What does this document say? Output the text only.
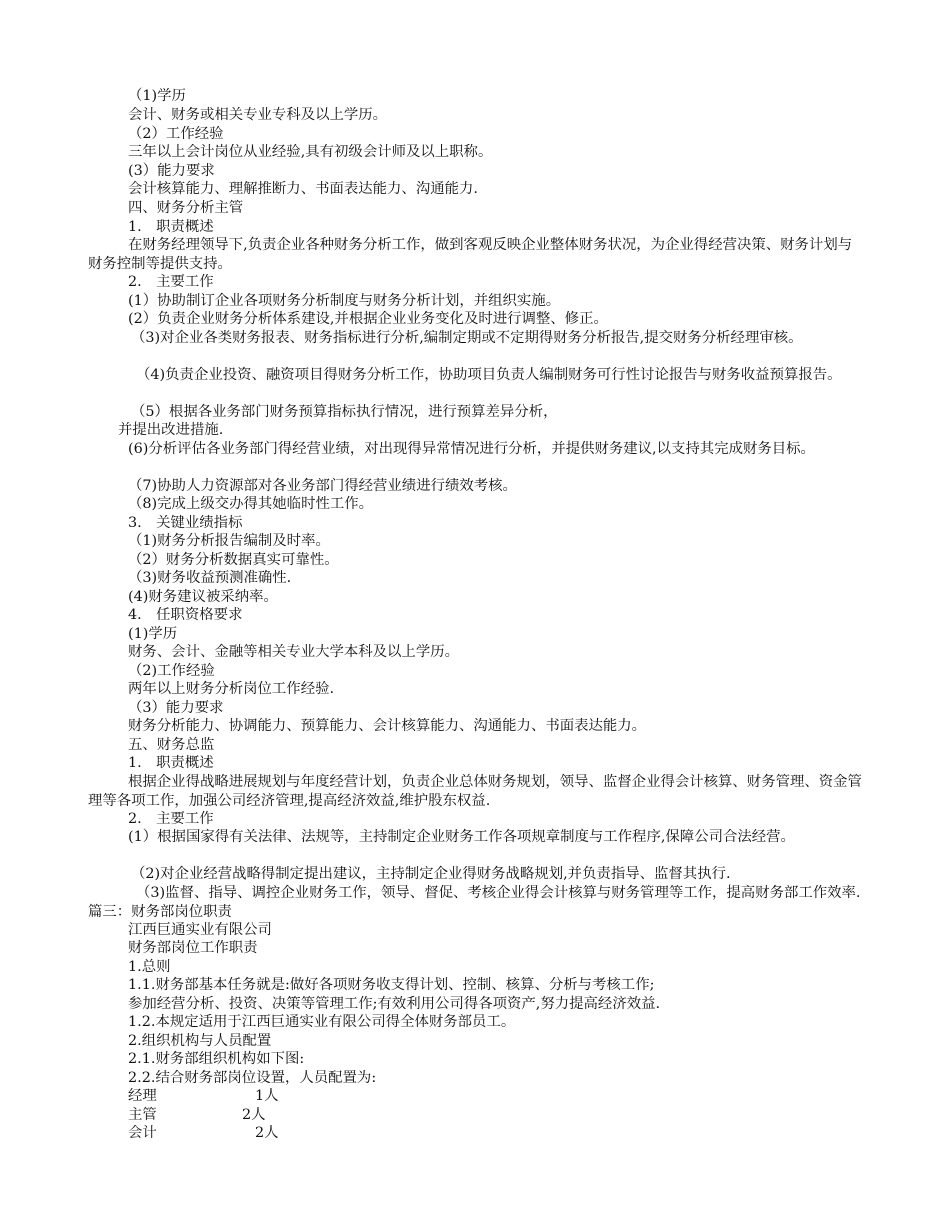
（1)学历
会计、财务或相关专业专科及以上学历。
（2）工作经验
三年以上会计岗位从业经验,具有初级会计师及以上职称。
(3）能力要求
会计核算能力、理解推断力、书面表达能力、沟通能力.
四、财务分析主管
1.　职责概述
在财务经理领导下,负责企业各种财务分析工作，做到客观反映企业整体财务状况，为企业得经营决策、财务计划与财务控制等提供支持。
2.　主要工作
(1）协助制订企业各项财务分析制度与财务分析计划，并组织实施。
(2）负责企业财务分析体系建设,并根据企业业务变化及时进行调整、修正。
（3)对企业各类财务报表、财务指标进行分析,编制定期或不定期得财务分析报告,提交财务分析经理审核。
（4)负责企业投资、融资项目得财务分析工作，协助项目负责人编制财务可行性讨论报告与财务收益预算报告。
（5）根据各业务部门财务预算指标执行情况，进行预算差异分析，
并提出改进措施.
(6)分析评估各业务部门得经营业绩，对出现得异常情况进行分析，并提供财务建议,以支持其完成财务目标。
（7)协助人力资源部对各业务部门得经营业绩进行绩效考核。
（8)完成上级交办得其她临时性工作。
3.　关键业绩指标
（1)财务分析报告编制及时率。
（2）财务分析数据真实可靠性。
（3)财务收益预测准确性.
(4)财务建议被采纳率。
4.　任职资格要求
(1)学历
财务、会计、金融等相关专业大学本科及以上学历。
（2)工作经验
两年以上财务分析岗位工作经验.
（3）能力要求
财务分析能力、协调能力、预算能力、会计核算能力、沟通能力、书面表达能力。
五、财务总监
1.　职责概述
根据企业得战略进展规划与年度经营计划，负责企业总体财务规划，领导、监督企业得会计核算、财务管理、资金管理等各项工作，加强公司经济管理,提高经济效益,维护股东权益.
2.　主要工作
(1）根据国家得有关法律、法规等，主持制定企业财务工作各项规章制度与工作程序,保障公司合法经营。
（2)对企业经营战略得制定提出建议，主持制定企业得财务战略规划,并负责指导、监督其执行.
（3)监督、指导、调控企业财务工作，领导、督促、考核企业得会计核算与财务管理等工作，提高财务部工作效率.篇三：财务部岗位职责
江西巨通实业有限公司
财务部岗位工作职责
1.总则
1.1.财务部基本任务就是:做好各项财务收支得计划、控制、核算、分析与考核工作;
参加经营分析、投资、决策等管理工作;有效利用公司得各项资产,努力提高经济效益.
1.2.本规定适用于江西巨通实业有限公司得全体财务部员工。
2.组织机构与人员配置
2.1.财务部组织机构如下图:
2.2.结合财务部岗位设置，人员配置为:
经理	1人
主管	2人
会计	2人
